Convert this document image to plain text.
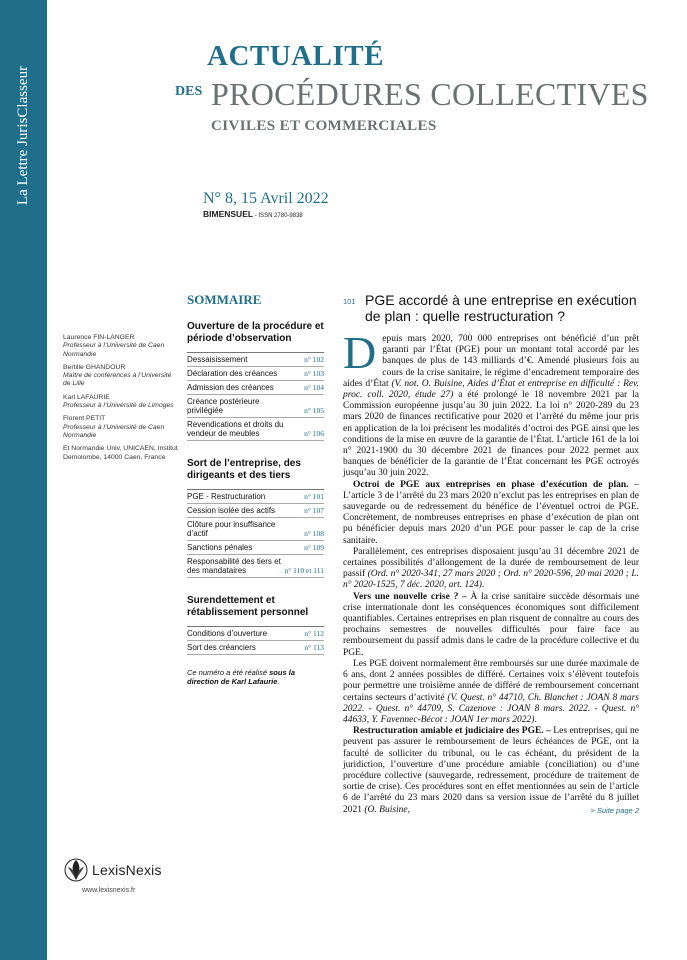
La Lettre JurisClasseur
ACTUALITÉ
DES PROCÉDURES COLLECTIVES
CIVILES ET COMMERCIALES
N° 8, 15 Avril 2022
BIMENSUEL - ISSN 2780-9838
Laurence FIN-LANGER
Professeur à l’Université de Caen Normandie
Bertille GHANDOUR
Maître de conférences à l’Université de Lille
Karl LAFAURIE
Professeur à l’Université de Limoges
Florent PETIT
Professeur à l’Université de Caen Normandie
Et Normandie Univ, UNICAEN, Institut Demolombe, 14000 Caen, France
SOMMAIRE
Ouverture de la procédure et période d’observation
Dessaisissement	n° 102
Déclaration des créances	n° 103
Admission des créances	n° 104
Créance postérieure privilégiée	n° 105
Revendications et droits du vendeur de meubles	n° 106
Sort de l’entreprise, des dirigeants et des tiers
PGE - Restructuration	n° 101
Cession isolée des actifs	n° 107
Clôture pour insuffisance d’actif	n° 108
Sanctions pénales	n° 109
Responsabilité des tiers et des mandataires	n° 110 et 111
Surendettement et rétablissement personnel
Conditions d’ouverture	n° 112
Sort des créanciers	n° 113
Ce numéro a été réalisé sous la direction de Karl Lafaurie.
101 PGE accordé à une entreprise en exécution de plan : quelle restructuration ?

Depuis mars 2020, 700 000 entreprises ont bénéficié d’un prêt garanti par l’État (PGE) pour un montant total accordé par les banques de plus de 143 milliards d’€. Amendé plusieurs fois au cours de la crise sanitaire, le régime d’encadrement temporaire des aides d’État (V. not. O. Buisine, Aides d’État et entreprise en difficulté : Rev. proc. coll. 2020, étude 27) a été prolongé le 18 novembre 2021 par la Commission européenne jusqu’au 30 juin 2022. La loi n° 2020-289 du 23 mars 2020 de finances rectificative pour 2020 et l’arrêté du même jour pris en application de la loi précisent les modalités d’octroi des PGE ainsi que les conditions de la mise en œuvre de la garantie de l’État. L’article 161 de la loi n° 2021-1900 du 30 décembre 2021 de finances pour 2022 permet aux banques de bénéficier de la garantie de l’État concernant les PGE octroyés jusqu’au 30 juin 2022.

Octroi de PGE aux entreprises en phase d’exécution de plan. – L’article 3 de l’arrêté du 23 mars 2020 n’exclut pas les entreprises en plan de sauvegarde ou de redressement du bénéfice de l’éventuel octroi de PGE. Concrètement, de nombreuses entreprises en phase d’exécution de plan ont pu bénéficier depuis mars 2020 d’un PGE pour passer le cap de la crise sanitaire.

Parallèlement, ces entreprises disposaient jusqu’au 31 décembre 2021 de certaines possibilités d’allongement de la durée de remboursement de leur passif (Ord. n° 2020-341, 27 mars 2020 ; Ord. n° 2020-596, 20 mai 2020 ; L. n° 2020-1525, 7 déc. 2020, art. 124).

Vers une nouvelle crise ? – À la crise sanitaire succède désormais une crise internationale dont les conséquences économiques sont difficilement quantifiables. Certaines entreprises en plan risquent de connaître au cours des prochains semestres de nouvelles difficultés pour faire face au remboursement du passif admis dans le cadre de la procédure collective et du PGE.

Les PGE doivent normalement être remboursés sur une durée maximale de 6 ans, dont 2 années possibles de différé. Certaines voix s’élèvent toutefois pour permettre une troisième année de différé de remboursement concernant certains secteurs d’activité (V. Quest. n° 44710, Ch. Blanchet : JOAN 8 mars 2022. - Quest. n° 44709, S. Cazenove : JOAN 8 mars. 2022. - Quest. n° 44633, Y. Favennec-Bécot : JOAN 1er mars 2022).

Restructuration amiable et judiciaire des PGE. – Les entreprises, qui ne peuvent pas assurer le remboursement de leurs échéances de PGE, ont la faculté de solliciter du tribunal, ou le cas échéant, du président de la juridiction, l’ouverture d’une procédure amiable (conciliation) ou d’une procédure collective (sauvegarde, redressement, procédure de traitement de sortie de crise). Ces procédures sont en effet mentionnées au sein de l’article 6 de l’arrêté du 23 mars 2020 dans sa version issue de l’arrêté du 8 juillet 2021 (O. Buisine,	> Suite page 2

LexisNexis
www.lexisnexis.fr
